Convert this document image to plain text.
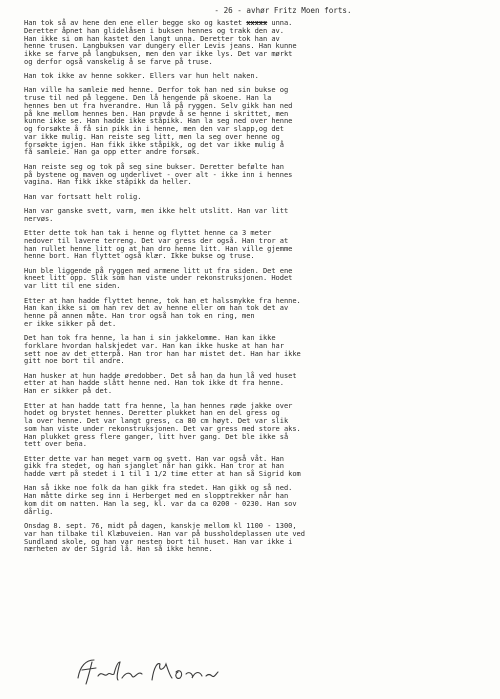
- 26 - avhør Fritz Moen forts.
Han tok så av hene den ene eller begge sko og kastet xxxxx unna.
Deretter åpnet han glidelåsen i buksen hennes og trakk den av.
Han ikke si om han kastet den langt unna. Deretter tok han av
henne trusen. Langbuksen var dungery eller Levis jeans. Han kunne
ikke se farve på langbuksen, men den var ikke lys. Det var mørkt
og derfor også vanskelig å se farve på truse.
Han tok ikke av henne sokker. Ellers var hun helt naken.
Han ville ha samleie med henne. Derfor tok han ned sin bukse og
truse til ned på leggene. Den lå hengende på skoene. Han la
hennes ben ut fra hverandre. Hun lå på ryggen. Selv gikk han ned
på kne mellom hennes ben. Han prøvde å se henne i skrittet, men
kunne ikke se. Han hadde ikke ståpikk. Han la seg ned over henne
og forsøkte å få sin pikk in i henne, men den var slapp,og det
var ikke mulig. Han reiste seg litt, men la seg over henne og
forsøkte igjen. Han fikk ikke ståpikk, og det var ikke mulig å
få samleie. Han ga opp etter andre forsøk.
Han reiste seg og tok på seg sine bukser. Deretter befølte han
på bystene og maven og underlivet - over alt - ikke inn i hennes
vagina. Han fikk ikke ståpikk da heller.
Han var fortsatt helt rolig.
Han var ganske svett, varm, men ikke helt utslitt. Han var litt
nervøs.
Etter dette tok han tak i henne og flyttet henne ca 3 meter
nedover til lavere terreng. Det var gress der også. Han tror at
han rullet henne litt og at han dro henne litt. Han ville gjemme
henne bort. Han flyttet også klær. Ikke bukse og truse.
Hun ble liggende på ryggen med armene litt ut fra siden. Det ene
kneet litt opp. Slik som han viste under rekonstruksjonen. Hodet
var litt til ene siden.
Etter at han hadde flyttet henne, tok han et halssmykke fra henne.
Han kan ikke si om han rev det av henne eller om han tok det av
henne på annen måte. Han tror også han tok en ring, men
er ikke sikker på det.
Det han tok fra henne, la han i sin jakkelomme. Han kan ikke
forklare hvordan halskjedet var. Han kan ikke huske at han har
sett noe av det etterpå. Han tror han har mistet det. Han har ikke
gitt noe bort til andre.
Han husker at hun hadde øredobber. Det så han da hun lå ved huset
etter at han hadde slått henne ned. Han tok ikke dt fra henne.
Han er sikker på det.
Etter at han hadde tatt fra henne, la han hennes røde jakke over
hodet og brystet hennes. Deretter plukket han en del gress og
la over henne. Det var langt gress, ca 80 cm høyt. Det var slik
som han viste under rekonstruksjonen. Det var gress med store aks.
Han plukket gress flere ganger, litt hver gang. Det ble ikke så
tett over bena.
Etter dette var han meget varm og svett. Han var også våt. Han
gikk fra stedet, og han sjanglet når han gikk. Han tror at han
hadde vært på stedet i 1 til 1 1/2 time etter at han så Sigrid kom
Han så ikke noe folk da han gikk fra stedet. Han gikk og så ned.
Han måtte dirke seg inn i Herberget med en slopptrekker når han
kom dit om natten. Han la seg, kl. var da ca 0200 - 0230. Han sov
dårlig.
Onsdag 8. sept. 76, midt på dagen, kanskje mellom kl 1100 - 1300,
var han tilbake til Klæbuveien. Han var på bussholdeplassen ute ved
Sundland skole, og han var nesten bort til huset. Han var ikke i
nærheten av der Sigrid lå. Han så ikke henne.
